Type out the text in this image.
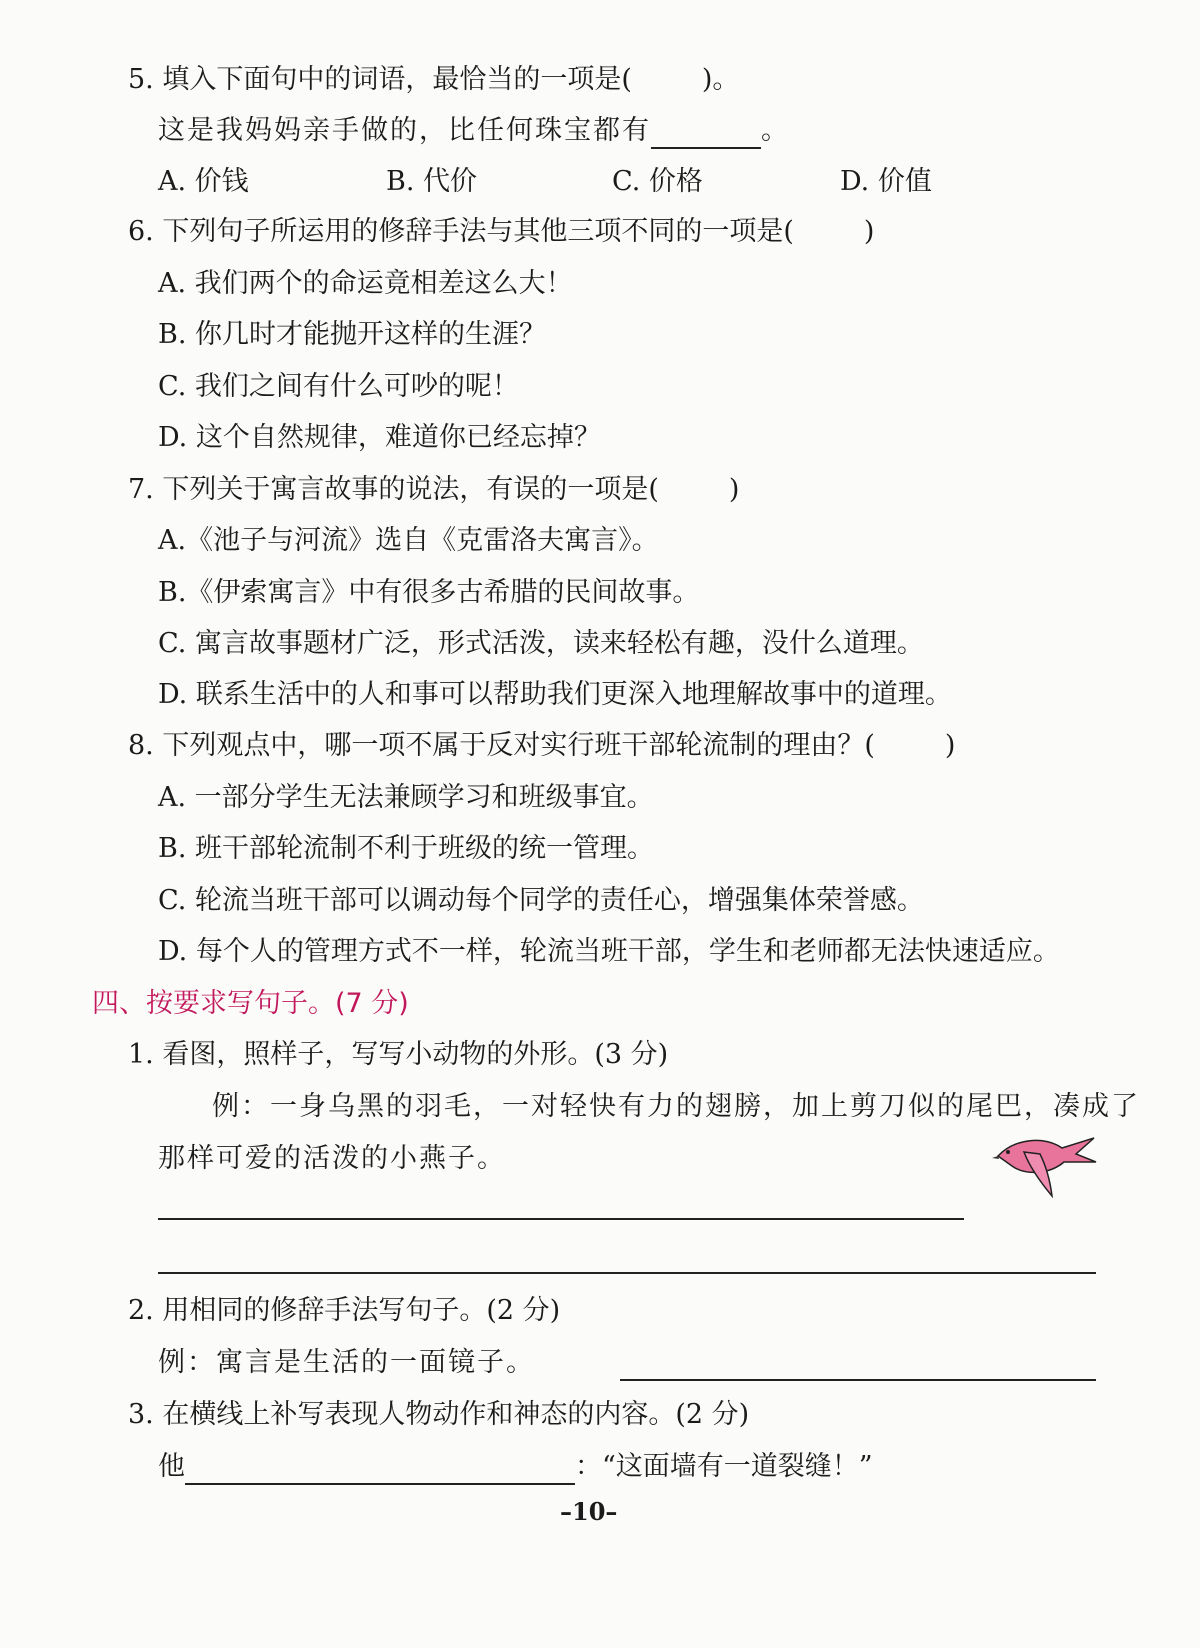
5. 填入下面句中的词语，最恰当的一项是(	)。
这是我妈妈亲手做的，比任何珠宝都有	。
A. 价钱	B. 代价	C. 价格	D. 价值
6. 下列句子所运用的修辞手法与其他三项不同的一项是(	)
A. 我们两个的命运竟相差这么大！
B. 你几时才能抛开这样的生涯？
C. 我们之间有什么可吵的呢！
D. 这个自然规律，难道你已经忘掉？
7. 下列关于寓言故事的说法，有误的一项是(	)
A.《池子与河流》选自《克雷洛夫寓言》。
B.《伊索寓言》中有很多古希腊的民间故事。
C. 寓言故事题材广泛，形式活泼，读来轻松有趣，没什么道理。
D. 联系生活中的人和事可以帮助我们更深入地理解故事中的道理。
8. 下列观点中，哪一项不属于反对实行班干部轮流制的理由？(	)
A. 一部分学生无法兼顾学习和班级事宜。
B. 班干部轮流制不利于班级的统一管理。
C. 轮流当班干部可以调动每个同学的责任心，增强集体荣誉感。
D. 每个人的管理方式不一样，轮流当班干部，学生和老师都无法快速适应。
四、按要求写句子。(7 分)
1. 看图，照样子，写写小动物的外形。(3 分)
例：一身乌黑的羽毛，一对轻快有力的翅膀，加上剪刀似的尾巴，凑成了
那样可爱的活泼的小燕子。
2. 用相同的修辞手法写句子。(2 分)
例：寓言是生活的一面镜子。
3. 在横线上补写表现人物动作和神态的内容。(2 分)
他	：“这面墙有一道裂缝！”
–10–
